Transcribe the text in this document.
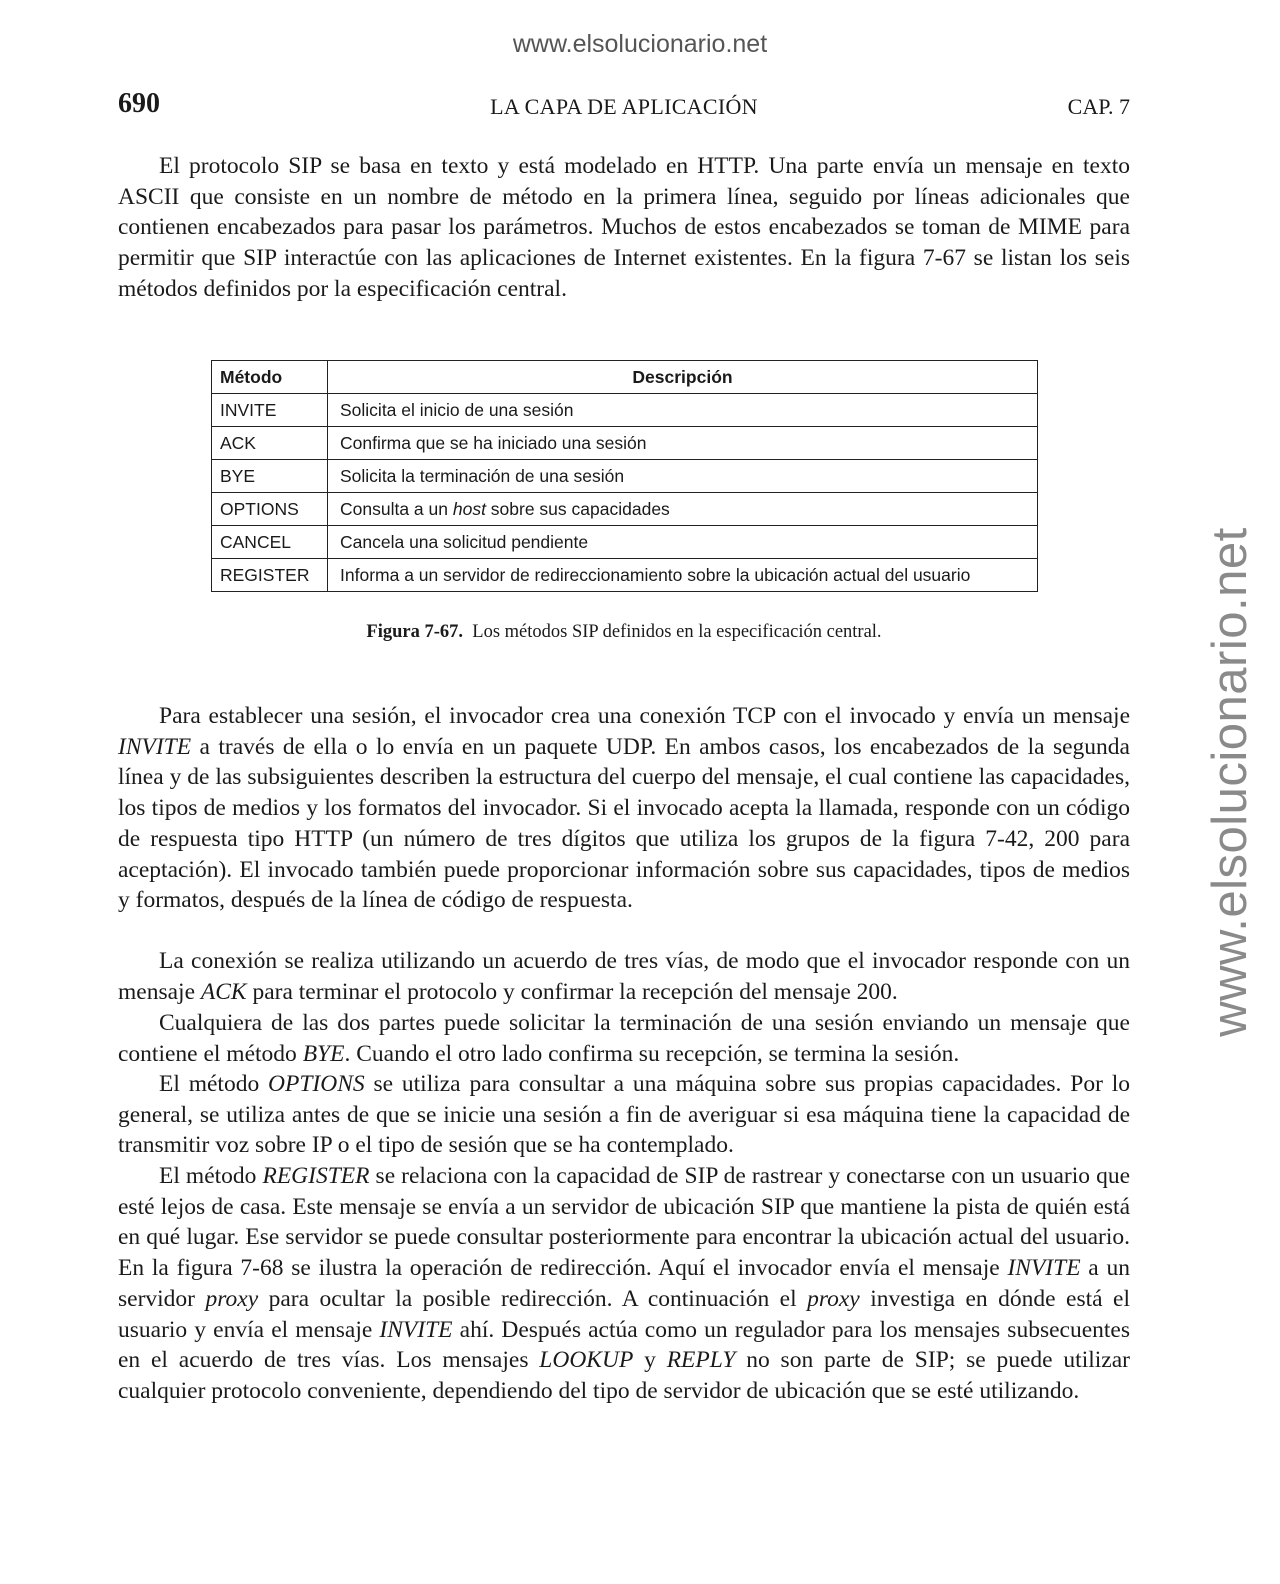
www.elsolucionario.net
www.elsolucionario.net
690	LA CAPA DE APLICACIÓN	CAP. 7

El protocolo SIP se basa en texto y está modelado en HTTP. Una parte envía un mensaje en texto ASCII que consiste en un nombre de método en la primera línea, seguido por líneas adicionales que contienen encabezados para pasar los parámetros. Muchos de estos encabezados se toman de MIME para permitir que SIP interactúe con las aplicaciones de Internet existentes. En la figura 7-67 se listan los seis métodos definidos por la especificación central.

Método	Descripción
INVITE	Solicita el inicio de una sesión
ACK	Confirma que se ha iniciado una sesión
BYE	Solicita la terminación de una sesión
OPTIONS	Consulta a un host sobre sus capacidades
CANCEL	Cancela una solicitud pendiente
REGISTER	Informa a un servidor de redireccionamiento sobre la ubicación actual del usuario
Figura 7-67. Los métodos SIP definidos en la especificación central.

Para establecer una sesión, el invocador crea una conexión TCP con el invocado y envía un mensaje INVITE a través de ella o lo envía en un paquete UDP. En ambos casos, los encabezados de la segunda línea y de las subsiguientes describen la estructura del cuerpo del mensaje, el cual contiene las capacidades, los tipos de medios y los formatos del invocador. Si el invocado acepta la llamada, responde con un código de respuesta tipo HTTP (un número de tres dígitos que utiliza los grupos de la figura 7-42, 200 para aceptación). El invocado también puede proporcionar información sobre sus capacidades, tipos de medios y formatos, después de la línea de código de respuesta.

La conexión se realiza utilizando un acuerdo de tres vías, de modo que el invocador responde con un mensaje ACK para terminar el protocolo y confirmar la recepción del mensaje 200.

Cualquiera de las dos partes puede solicitar la terminación de una sesión enviando un mensaje que contiene el método BYE. Cuando el otro lado confirma su recepción, se termina la sesión.

El método OPTIONS se utiliza para consultar a una máquina sobre sus propias capacidades. Por lo general, se utiliza antes de que se inicie una sesión a fin de averiguar si esa máquina tiene la capacidad de transmitir voz sobre IP o el tipo de sesión que se ha contemplado.

El método REGISTER se relaciona con la capacidad de SIP de rastrear y conectarse con un usuario que esté lejos de casa. Este mensaje se envía a un servidor de ubicación SIP que mantiene la pista de quién está en qué lugar. Ese servidor se puede consultar posteriormente para encontrar la ubicación actual del usuario. En la figura 7-68 se ilustra la operación de redirección. Aquí el invocador envía el mensaje INVITE a un servidor proxy para ocultar la posible redirección. A continuación el proxy investiga en dónde está el usuario y envía el mensaje INVITE ahí. Después actúa como un regulador para los mensajes subsecuentes en el acuerdo de tres vías. Los mensajes LOOKUP y REPLY no son parte de SIP; se puede utilizar cualquier protocolo conveniente, dependiendo del tipo de servidor de ubicación que se esté utilizando.
